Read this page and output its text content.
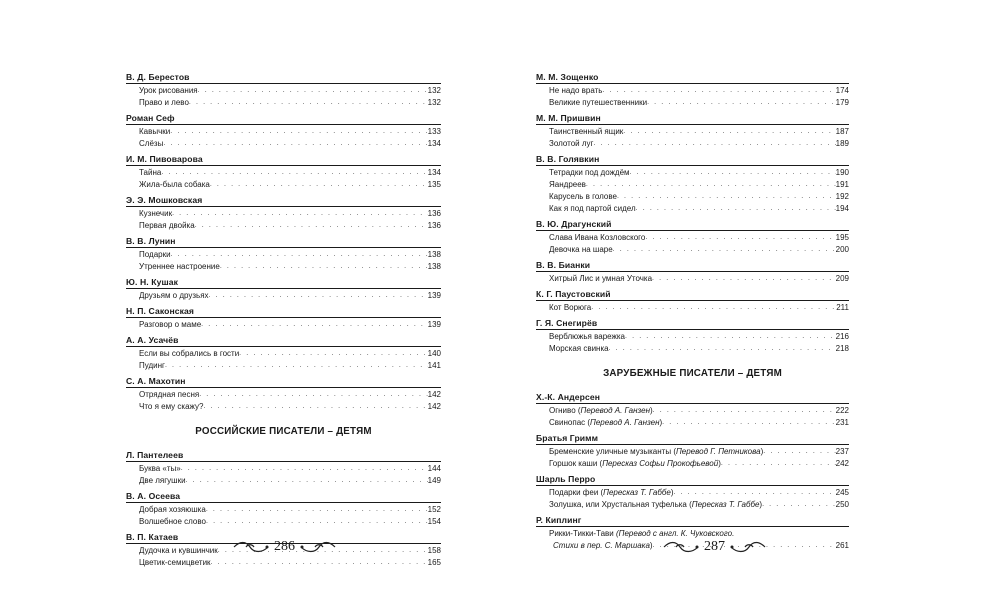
В. Д. Берестов
Урок рисования . . .	132
Право и лево . . .	132
Роман Сеф
Кавычки . . .	133
Слёзы . . .	134
И. М. Пивоварова
Тайна . . .	134
Жила-была собака . . .	135
Э. Э. Мошковская
Кузнечик . . .	136
Первая двойка . . .	136
В. В. Лунин
Подарки . . .	138
Утреннее настроение . . .	138
Ю. Н. Кушак
Друзьям о друзьях . . .	139
Н. П. Саконская
Разговор о маме . . .	139
А. А. Усачёв
Если вы собрались в гости . . .	140
Пудинг . . .	141
С. А. Махотин
Отрядная песня . . .	142
Что я ему скажу? . . .	142
РОССИЙСКИЕ ПИСАТЕЛИ – ДЕТЯМ
Л. Пантелеев
Буква «ты» . . .	144
Две лягушки . . .	149
В. А. Осеева
Добрая хозяюшка . . .	152
Волшебное слово . . .	154
В. П. Катаев
Дудочка и кувшинчик . . .	158
Цветик-семицветик . . .	165
М. М. Зощенко
Не надо врать . . .	174
Великие путешественники . . .	179
М. М. Пришвин
Таинственный ящик . . .	187
Золотой луг . . .	189
В. В. Голявкин
Тетрадки под дождём . . .	190
Яандреев . . .	191
Карусель в голове . . .	192
Как я под партой сидел . . .	194
В. Ю. Драгунский
Слава Ивана Козловского . . .	195
Девочка на шаре . . .	200
В. В. Бианки
Хитрый Лис и умная Уточка . . .	209
К. Г. Паустовский
Кот Ворюга . . .	211
Г. Я. Снегирёв
Верблюжья варежка . . .	216
Морская свинка . . .	218
ЗАРУБЕЖНЫЕ ПИСАТЕЛИ – ДЕТЯМ
Х.-К. Андерсен
Огниво (Перевод А. Ганзен) . . .	222
Свинопас (Перевод А. Ганзен) . . .	231
Братья Гримм
Бременские уличные музыканты (Перевод Г. Петникова) . . .	237
Горшок каши (Пересказ Софьи Прокофьевой) . . .	242
Шарль Перро
Подарки феи (Пересказ Т. Габбе) . . .	245
Золушка, или Хрустальная туфелька (Пересказ Т. Габбе) . . .	250
Р. Киплинг
Рикки-Тикки-Тави (Перевод с англ. К. Чуковского.
Стихи в пер. С. Маршака) . . .	261
286	287
